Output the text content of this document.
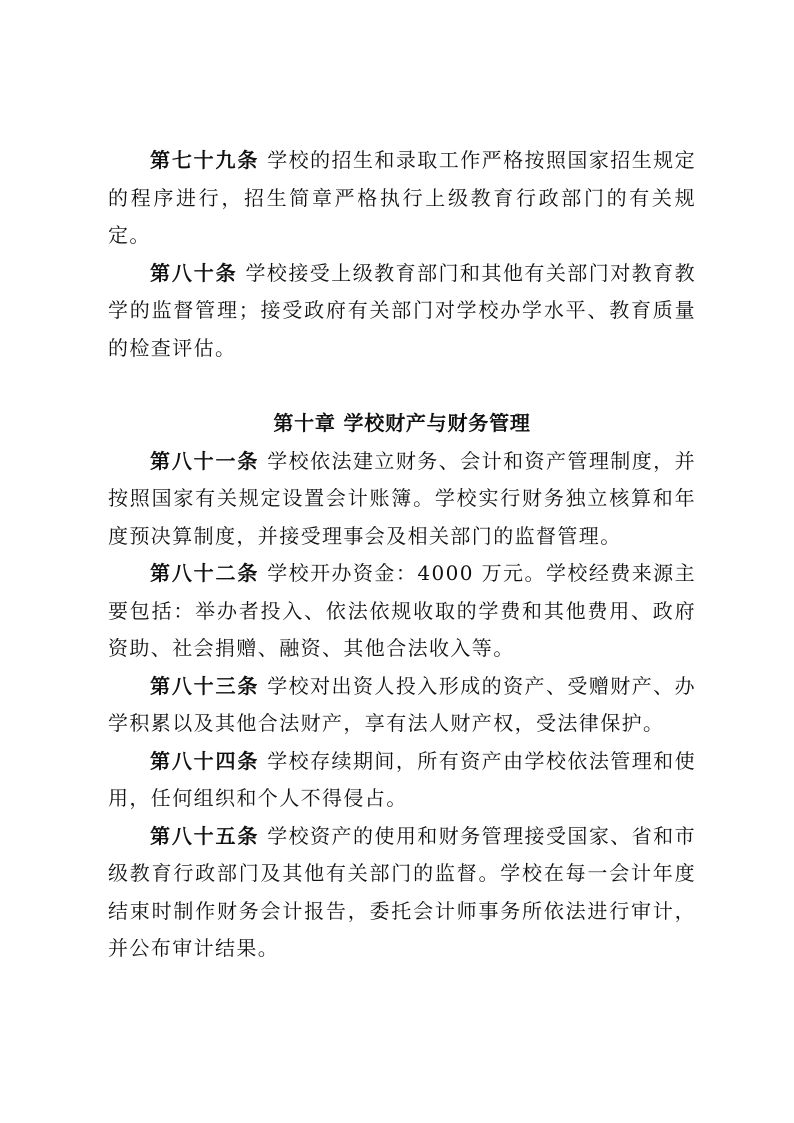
第七十九条 学校的招生和录取工作严格按照国家招生规定的程序进行，招生简章严格执行上级教育行政部门的有关规定。

第八十条 学校接受上级教育部门和其他有关部门对教育教学的监督管理；接受政府有关部门对学校办学水平、教育质量的检查评估。

第十章 学校财产与财务管理

第八十一条 学校依法建立财务、会计和资产管理制度，并按照国家有关规定设置会计账簿。学校实行财务独立核算和年度预决算制度，并接受理事会及相关部门的监督管理。

第八十二条 学校开办资金：4000 万元。学校经费来源主要包括：举办者投入、依法依规收取的学费和其他费用、政府资助、社会捐赠、融资、其他合法收入等。

第八十三条 学校对出资人投入形成的资产、受赠财产、办学积累以及其他合法财产，享有法人财产权，受法律保护。

第八十四条 学校存续期间，所有资产由学校依法管理和使用，任何组织和个人不得侵占。

第八十五条 学校资产的使用和财务管理接受国家、省和市级教育行政部门及其他有关部门的监督。学校在每一会计年度结束时制作财务会计报告，委托会计师事务所依法进行审计，并公布审计结果。
